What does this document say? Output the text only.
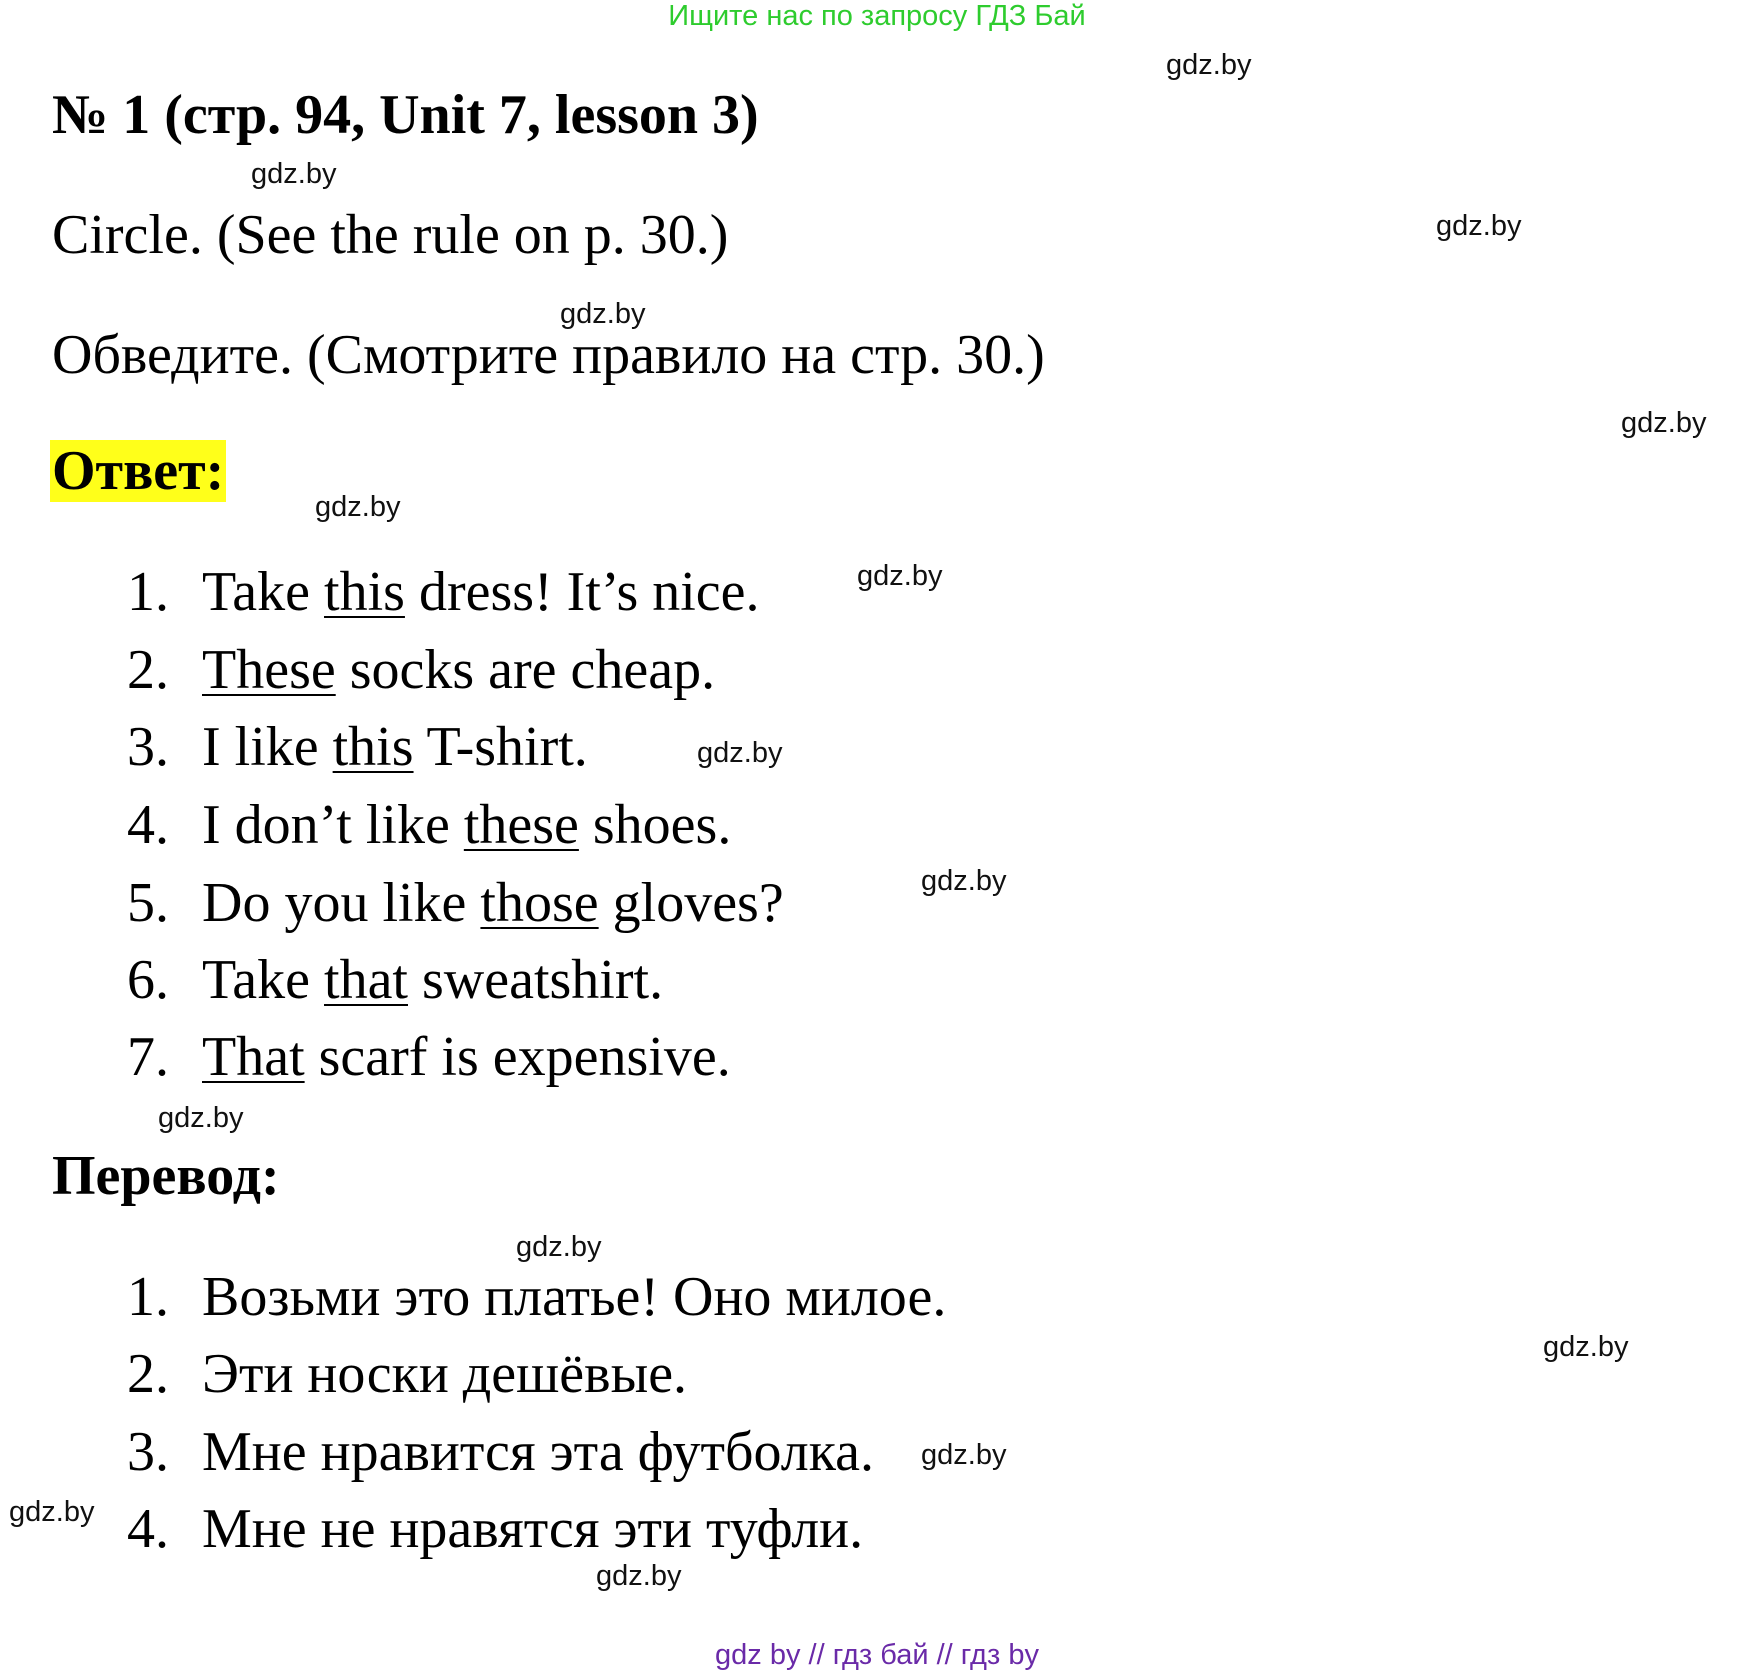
Ищите нас по запросу ГДЗ Бай
№ 1 (стр. 94, Unit 7, lesson 3)
Circle. (See the rule on p. 30.)
Обведите. (Смотрите правило на стр. 30.)
Ответ:
1. Take this dress! It’s nice.
2. These socks are cheap.
3. I like this T-shirt.
4. I don’t like these shoes.
5. Do you like those gloves?
6. Take that sweatshirt.
7. That scarf is expensive.
Перевод:
1. Возьми это платье! Оно милое.
2. Эти носки дешёвые.
3. Мне нравится эта футболка.
4. Мне не нравятся эти туфли.
gdz.by
gdz.by
gdz.by
gdz.by
gdz.by
gdz.by
gdz.by
gdz.by
gdz.by
gdz.by
gdz.by
gdz.by
gdz.by
gdz.by
gdz.by
gdz by // гдз бай // гдз by
